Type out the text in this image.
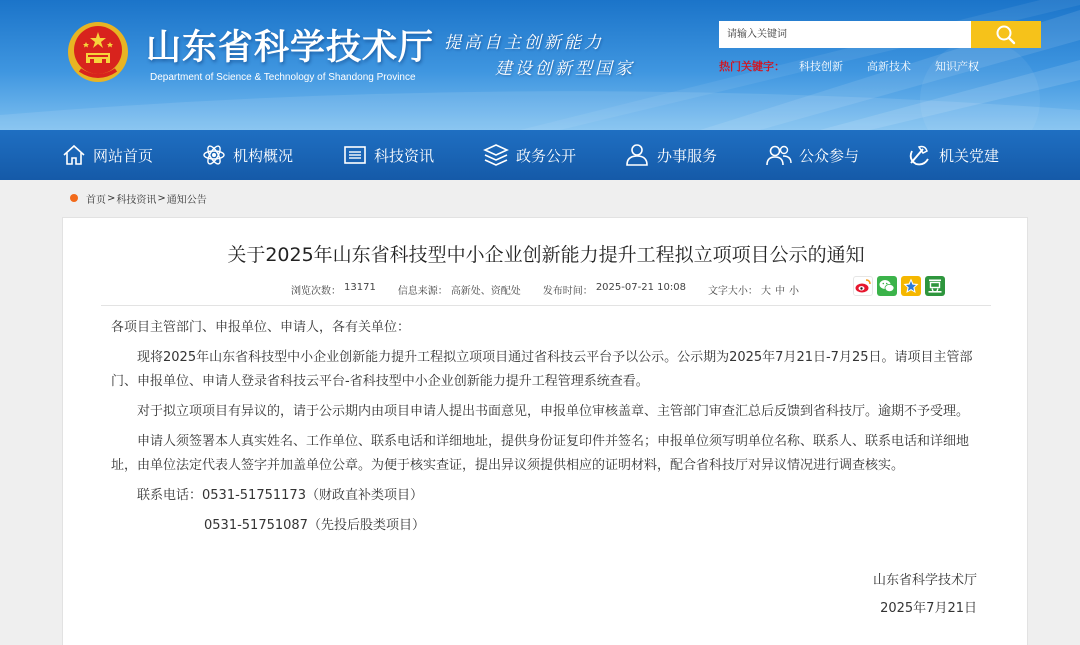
山东省科学技术厅
Department of Science & Technology of Shandong Province
提高自主创新能力
建设创新型国家
请输入关键词	热门关键字： 科技创新 高新技术 知识产权
网站首页	机构概况	科技资讯	政务公开	办事服务	公众参与	机关党建
首页 > 科技资讯 > 通知公告
关于2025年山东省科技型中小企业创新能力提升工程拟立项项目公示的通知
浏览次数： 13171 信息来源： 高新处、资配处 发布时间： 2025-07-21 10:08 文字大小： 大 中 小

各项目主管部门、申报单位、申请人，各有关单位：

现将2025年山东省科技型中小企业创新能力提升工程拟立项项目通过省科技云平台予以公示。公示期为2025年7月21日-7月25日。请项目主管部门、申报单位、申请人登录省科技云平台-省科技型中小企业创新能力提升工程管理系统查看。

对于拟立项项目有异议的，请于公示期内由项目申请人提出书面意见，申报单位审核盖章、主管部门审查汇总后反馈到省科技厅。逾期不予受理。

申请人须签署本人真实姓名、工作单位、联系电话和详细地址，提供身份证复印件并签名；申报单位须写明单位名称、联系人、联系电话和详细地址，由单位法定代表人签字并加盖单位公章。为便于核实查证，提出异议须提供相应的证明材料，配合省科技厅对异议情况进行调查核实。

联系电话：0531-51751173（财政直补类项目）
0531-51751087（先投后股类项目）
山东省科学技术厅
2025年7月21日
